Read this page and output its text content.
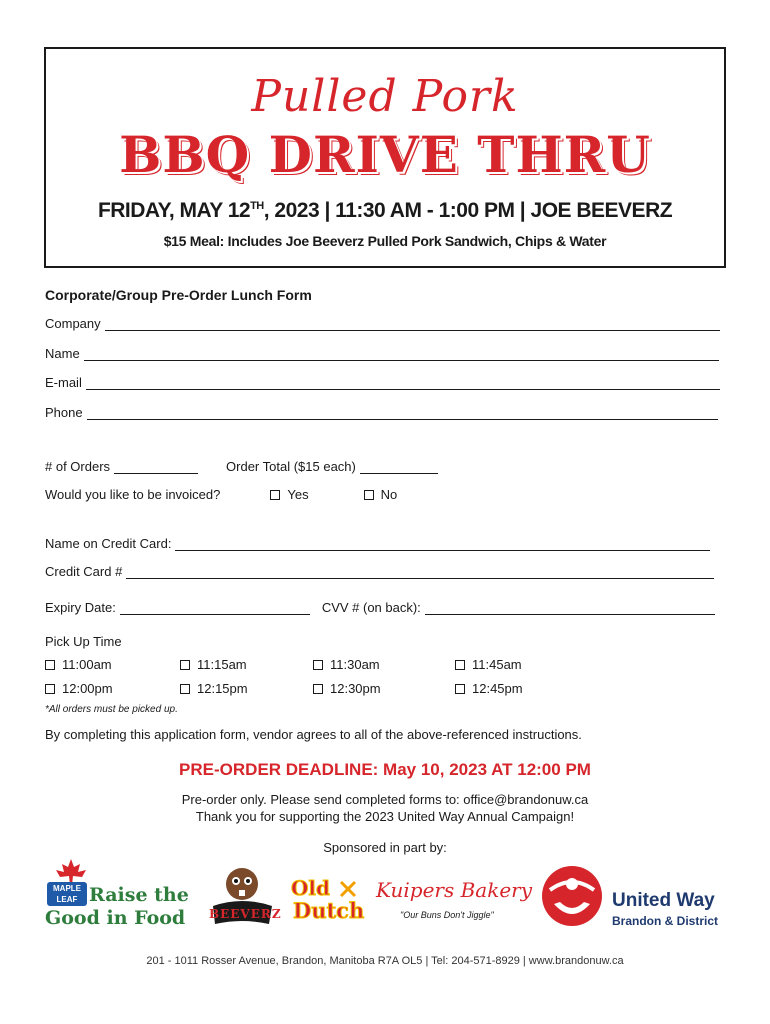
Pulled Pork
BBQ DRIVE THRU
FRIDAY, MAY 12TH, 2023 | 11:30 AM - 1:00 PM | JOE BEEVERZ
$15 Meal: Includes Joe Beeverz Pulled Pork Sandwich, Chips & Water
Corporate/Group Pre-Order Lunch Form
Company
Name
E-mail
Phone
# of Orders	Order Total ($15 each)
Would you like to be invoiced?	Yes	No
Name on Credit Card:
Credit Card #
Expiry Date:	CVV # (on back):
Pick Up Time
11:00am	11:15am	11:30am	11:45am
12:00pm	12:15pm	12:30pm	12:45pm
*All orders must be picked up.
By completing this application form, vendor agrees to all of the above-referenced instructions.
PRE-ORDER DEADLINE: May 10, 2023 AT 12:00 PM
Pre-order only. Please send completed forms to: office@brandonuw.ca
Thank you for supporting the 2023 United Way Annual Campaign!
Sponsored in part by:
MAPLE LEAF Raise the
Good in Food BEEVERZ
Old
Dutch
Kuipers Bakery
"Our Buns Don't Jiggle"
United Way
Brandon & District
201 - 1011 Rosser Avenue, Brandon, Manitoba R7A OL5 | Tel: 204-571-8929 | www.brandonuw.ca
